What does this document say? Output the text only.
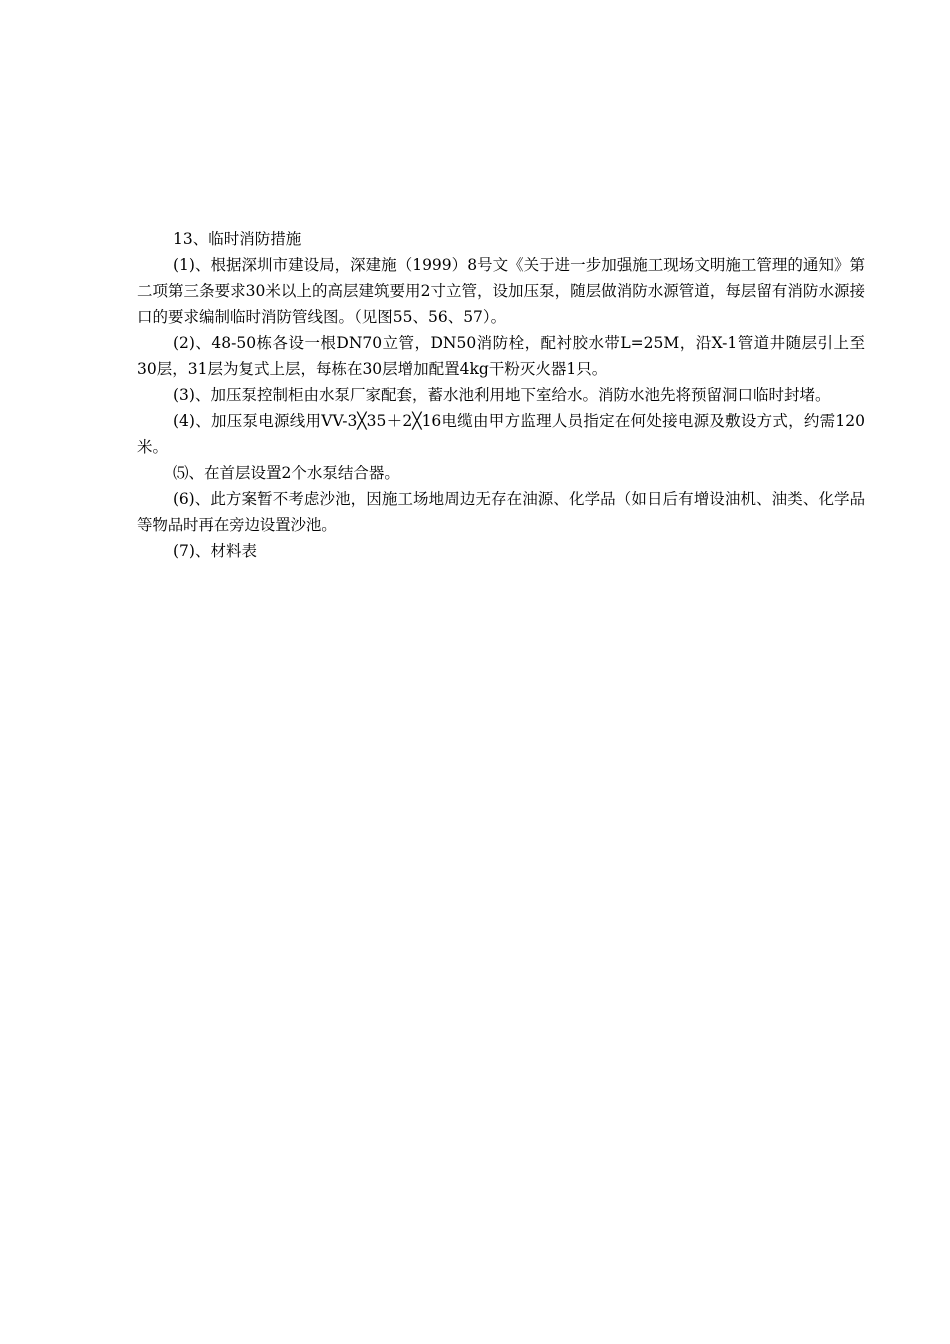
13、临时消防措施

(1)、根据深圳市建设局，深建施（1999）8号文《关于进一步加强施工现场文明施工管理的通知》第二项第三条要求30米以上的高层建筑要用2寸立管，设加压泵，随层做消防水源管道，每层留有消防水源接口的要求编制临时消防管线图。（见图55、56、57）。

(2)、48-50栋各设一根DN70立管，DN50消防栓，配衬胶水带L=25M，沿X-1管道井随层引上至30层，31层为复式上层，每栋在30层增加配置4kg干粉灭火器1只。

(3)、加压泵控制柜由水泵厂家配套，蓄水池利用地下室给水。消防水池先将预留洞口临时封堵。

(4)、加压泵电源线用VV-3╳35＋2╳16电缆由甲方监理人员指定在何处接电源及敷设方式，约需120米。

⑸、在首层设置2个水泵结合器。

(6)、此方案暂不考虑沙池，因施工场地周边无存在油源、化学品（如日后有增设油机、油类、化学品等物品时再在旁边设置沙池。

(7)、材料表
